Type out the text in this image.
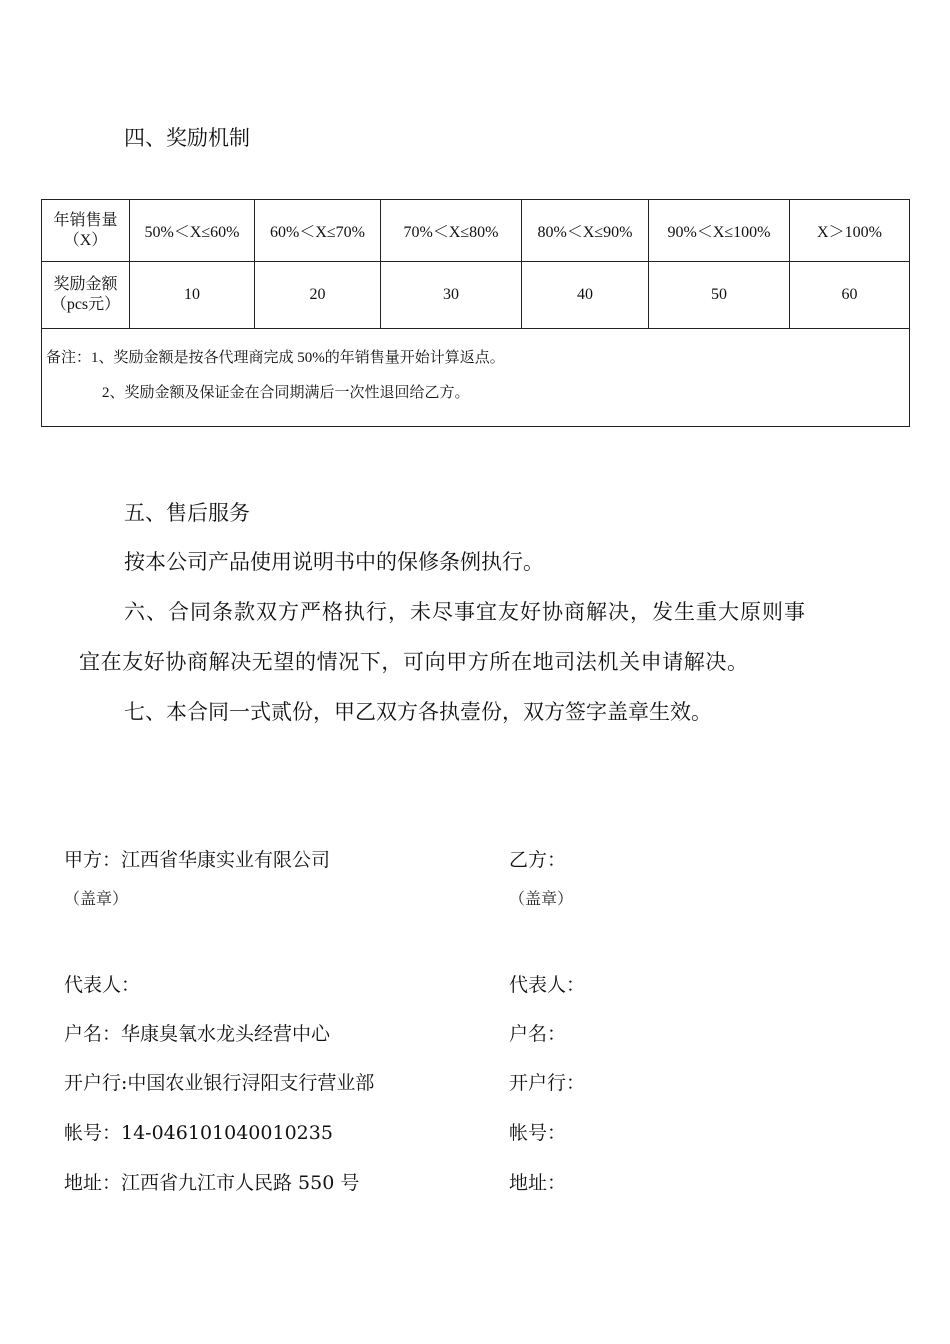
四、奖励机制
年销售量（X）	50%＜X≤60%	60%＜X≤70%	70%＜X≤80%	80%＜X≤90%	90%＜X≤100%	X＞100%
奖励金额（pcs元）	10	20	30	40	50	60

备注：1、奖励金额是按各代理商完成 50%的年销售量开始计算返点。
2、奖励金额及保证金在合同期满后一次性退回给乙方。						
五、售后服务
按本公司产品使用说明书中的保修条例执行。
六、合同条款双方严格执行，未尽事宜友好协商解决，发生重大原则事
宜在友好协商解决无望的情况下，可向甲方所在地司法机关申请解决。
七、本合同一式贰份，甲乙双方各执壹份，双方签字盖章生效。
甲方：江西省华康实业有限公司
（盖章）
代表人：
户名：华康臭氧水龙头经营中心
开户行:中国农业银行浔阳支行营业部
帐号：14-046101040010235
地址：江西省九江市人民路 550 号
乙方：
（盖章）
代表人：
户名：
开户行：
帐号：
地址：
